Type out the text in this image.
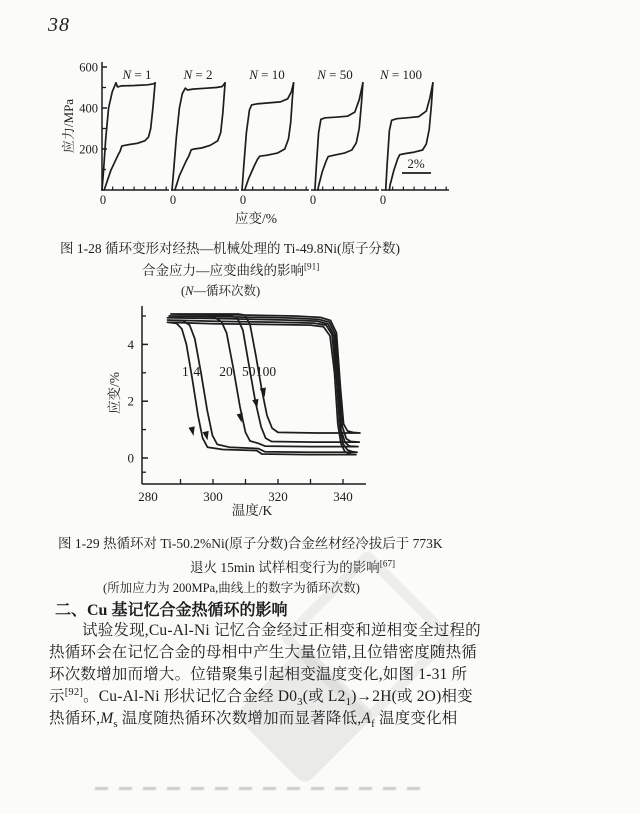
38
200
400
600
应力/MPa
应变/%
0
N = 1
0
N = 2
0
N = 10
0
N = 50
0
N = 100
2%
图 1-28 循环变形对经热—机械处理的 Ti-49.8Ni(原子分数)
合金应力—应变曲线的影响[91]
(N—循环次数)
280	300	320	340
0
2
4
应变/%
温度/K
1 4 20 50 100
图 1-29 热循环对 Ti-50.2%Ni(原子分数)合金丝材经冷拔后于 773K
退火 15min 试样相变行为的影响[67]
(所加应力为 200MPa,曲线上的数字为循环次数)
二、Cu 基记忆合金热循环的影响
试验发现,Cu-Al-Ni 记忆合金经过正相变和逆相变全过程的
热循环会在记忆合金的母相中产生大量位错,且位错密度随热循
环次数增加而增大。位错聚集引起相变温度变化,如图 1-31 所
示[92]。Cu-Al-Ni 形状记忆合金经 $D0_3$(或 $L2_1)\to 2H$(或 2O)相变
热循环$,M_s$ 温度随热循环次数增加而显著降低$,A_f$ 温度变化相
